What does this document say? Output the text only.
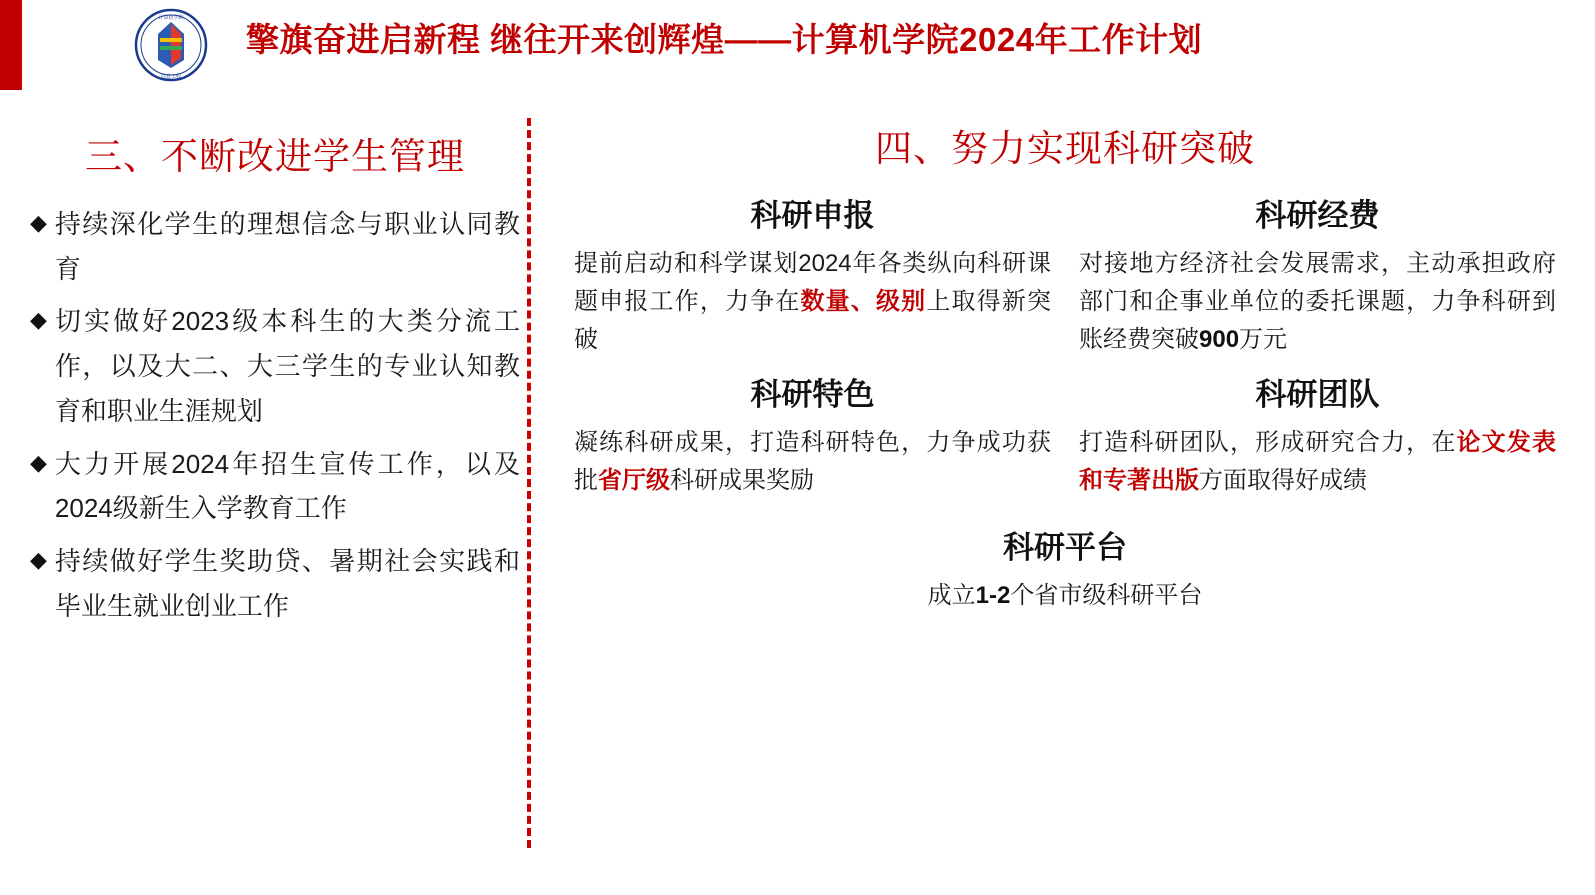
计算机学院
信息工程
擎旗奋进启新程 继往开来创辉煌——计算机学院2024年工作计划
三、不断改进学生管理
◆ 持续深化学生的理想信念与职业认同教育
◆ 切实做好2023级本科生的大类分流工作，以及大二、大三学生的专业认知教育和职业生涯规划
◆ 大力开展2024年招生宣传工作，以及2024级新生入学教育工作
◆ 持续做好学生奖助贷、暑期社会实践和毕业生就业创业工作
四、努力实现科研突破
科研申报
提前启动和科学谋划2024年各类纵向科研课题申报工作，力争在数量、级别上取得新突破
科研经费
对接地方经济社会发展需求，主动承担政府部门和企事业单位的委托课题，力争科研到账经费突破900万元
科研特色
凝练科研成果，打造科研特色，力争成功获批省厅级科研成果奖励
科研团队
打造科研团队，形成研究合力，在论文发表和专著出版方面取得好成绩
科研平台
成立1-2个省市级科研平台
